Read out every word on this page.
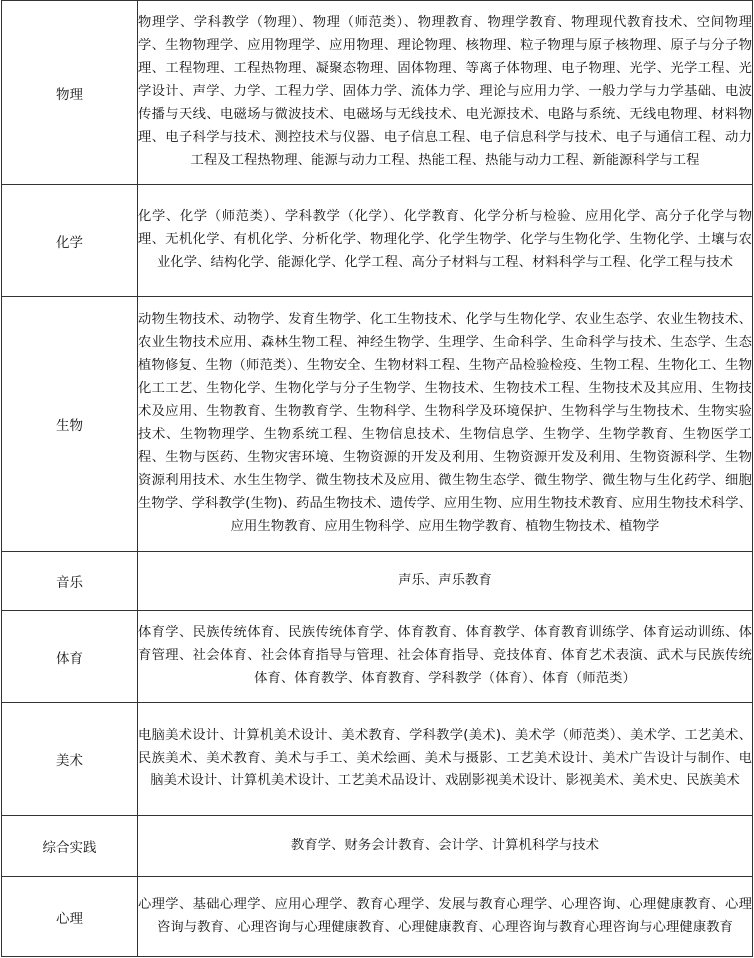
物理	物理学、学科教学（物理）、物理（师范类）、物理教育、物理学教育、物理现代教育技术、空间物理学、生物物理学、应用物理学、应用物理、理论物理、核物理、粒子物理与原子核物理、原子与分子物理、工程物理、工程热物理、凝聚态物理、固体物理、等离子体物理、电子物理、光学、光学工程、光学设计、声学、力学、工程力学、固体力学、流体力学、理论与应用力学、一般力学与力学基础、电波传播与天线、电磁场与微波技术、电磁场与无线技术、电光源技术、电路与系统、无线电物理、材料物理、电子科学与技术、测控技术与仪器、电子信息工程、电子信息科学与技术、电子与通信工程、动力工程及工程热物理、能源与动力工程、热能工程、热能与动力工程、新能源科学与工程
化学	化学、化学（师范类）、学科教学（化学）、化学教育、化学分析与检验、应用化学、高分子化学与物理、无机化学、有机化学、分析化学、物理化学、化学生物学、化学与生物化学、生物化学、土壤与农业化学、结构化学、能源化学、化学工程、高分子材料与工程、材料科学与工程、化学工程与技术
生物	动物生物技术、动物学、发育生物学、化工生物技术、化学与生物化学、农业生态学、农业生物技术、农业生物技术应用、森林生物工程、神经生物学、生理学、生命科学、生命科学与技术、生态学、生态植物修复、生物（师范类）、生物安全、生物材料工程、生物产品检验检疫、生物工程、生物化工、生物化工工艺、生物化学、生物化学与分子生物学、生物技术、生物技术工程、生物技术及其应用、生物技术及应用、生物教育、生物教育学、生物科学、生物科学及环境保护、生物科学与生物技术、生物实验技术、生物物理学、生物系统工程、生物信息技术、生物信息学、生物学、生物学教育、生物医学工程、生物与医药、生物灾害环境、生物资源的开发及利用、生物资源开发及利用、生物资源科学、生物资源利用技术、水生生物学、微生物技术及应用、微生物生态学、微生物学、微生物与生化药学、细胞生物学、学科教学(生物)、药品生物技术、遗传学、应用生物、应用生物技术教育、应用生物技术科学、应用生物教育、应用生物科学、应用生物学教育、植物生物技术、植物学
音乐	声乐、声乐教育
体育	体育学、民族传统体育、民族传统体育学、体育教育、体育教学、体育教育训练学、体育运动训练、体育管理、社会体育、社会体育指导与管理、社会体育指导、竞技体育、体育艺术表演、武术与民族传统体育、体育教学、体育教育、学科教学（体育）、体育（师范类）
美术	电脑美术设计、计算机美术设计、美术教育、学科教学(美术)、美术学（师范类）、美术学、工艺美术、民族美术、美术教育、美术与手工、美术绘画、美术与摄影、工艺美术设计、美术广告设计与制作、电脑美术设计、计算机美术设计、工艺美术品设计、戏剧影视美术设计、影视美术、美术史、民族美术
综合实践	教育学、财务会计教育、会计学、计算机科学与技术
心理	心理学、基础心理学、应用心理学、教育心理学、发展与教育心理学、心理咨询、心理健康教育、心理咨询与教育、心理咨询与心理健康教育、心理健康教育、心理咨询与教育心理咨询与心理健康教育
